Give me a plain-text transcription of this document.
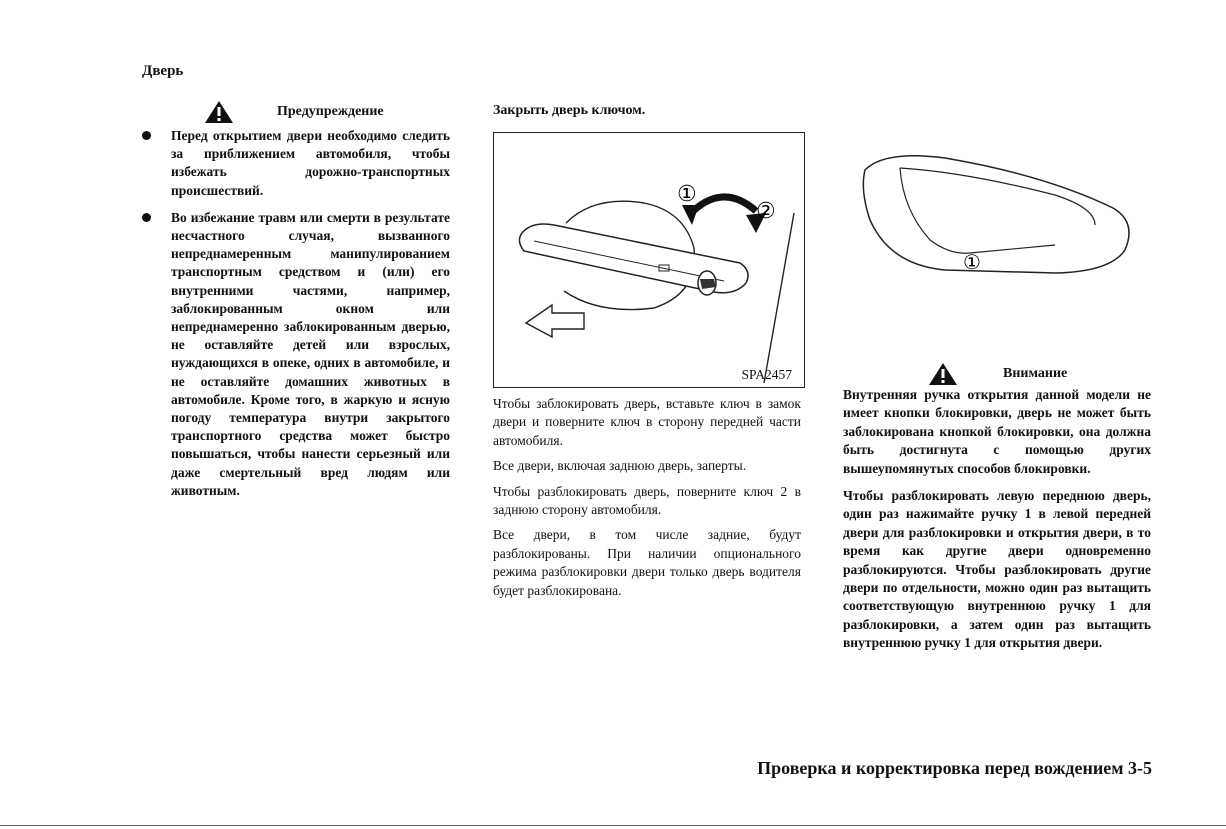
Дверь
Предупреждение
Перед открытием двери необходимо следить за приближением автомобиля, чтобы избежать дорожно-транспортных происшествий.
Во избежание травм или смерти в результате несчастного случая, вызванного непреднамеренным манипулированием транспортным средством и (или) его внутренними частями, например, заблокированным окном или непреднамеренно заблокированным дверью, не оставляйте детей или взрослых, нуждающихся в опеке, одних в автомобиле, и не оставляйте домашних животных в автомобиле. Кроме того, в жаркую и ясную погоду температура внутри закрытого транспортного средства может быстро повышаться, чтобы нанести серьезный или даже смертельный вред людям или животным.
Закрыть дверь ключом.
①
②
SPA2457

Чтобы заблокировать дверь, вставьте ключ в замок двери и поверните ключ в сторону передней части автомобиля.

Все двери, включая заднюю дверь, заперты.

Чтобы разблокировать дверь, поверните ключ 2 в заднюю сторону автомобиля.

Все двери, в том числе задние, будут разблокированы. При наличии опционального режима разблокировки двери только дверь водителя будет разблокирована.

①
Внимание

Внутренняя ручка открытия данной модели не имеет кнопки блокировки, дверь не может быть заблокирована кнопкой блокировки, она должна быть достигнута с помощью других вышеупомянутых способов блокировки.

Чтобы разблокировать левую переднюю дверь, один раз нажимайте ручку 1 в левой передней двери для разблокировки и открытия двери, в то время как другие двери одновременно разблокируются. Чтобы разблокировать другие двери по отдельности, можно один раз вытащить соответствующую внутреннюю ручку 1 для разблокировки, а затем один раз вытащить внутреннюю ручку 1 для открытия двери.

Проверка и корректировка перед вождением 3-5
